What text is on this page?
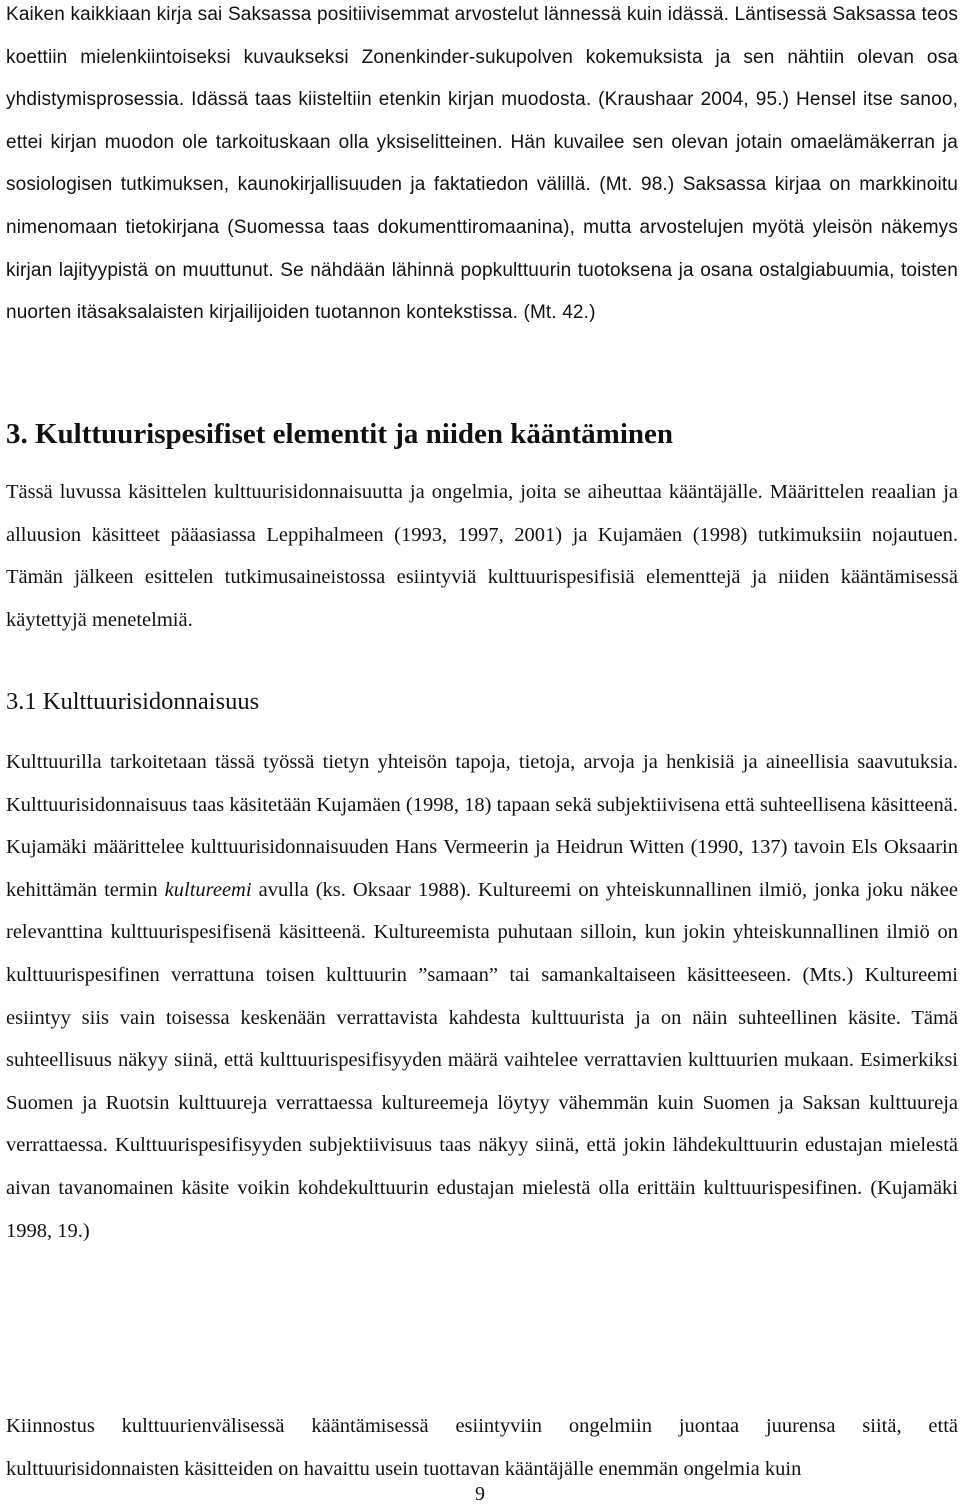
Kaiken kaikkiaan kirja sai Saksassa positiivisemmat arvostelut lännessä kuin idässä. Läntisessä Saksassa teos koettiin mielenkiintoiseksi kuvaukseksi Zonenkinder-sukupolven kokemuksista ja sen nähtiin olevan osa yhdistymisprosessia. Idässä taas kiisteltiin etenkin kirjan muodosta. (Kraushaar 2004, 95.) Hensel itse sanoo, ettei kirjan muodon ole tarkoituskaan olla yksiselitteinen. Hän kuvailee sen olevan jotain omaelämäkerran ja sosiologisen tutkimuksen, kaunokirjallisuuden ja faktatiedon välillä. (Mt. 98.) Saksassa kirjaa on markkinoitu nimenomaan tietokirjana (Suomessa taas dokumenttiromaanina), mutta arvostelujen myötä yleisön näkemys kirjan lajityypistä on muuttunut. Se nähdään lähinnä popkulttuurin tuotoksena ja osana ostalgiabuumia, toisten nuorten itäsaksalaisten kirjailijoiden tuotannon kontekstissa. (Mt. 42.)

3. Kulttuurispesifiset elementit ja niiden kääntäminen

Tässä luvussa käsittelen kulttuurisidonnaisuutta ja ongelmia, joita se aiheuttaa kääntäjälle. Määrittelen reaalian ja alluusion käsitteet pääasiassa Leppihalmeen (1993, 1997, 2001) ja Kujamäen (1998) tutkimuksiin nojautuen. Tämän jälkeen esittelen tutkimusaineistossa esiintyviä kulttuurispesifisiä elementtejä ja niiden kääntämisessä käytettyjä menetelmiä.

3.1 Kulttuurisidonnaisuus

Kulttuurilla tarkoitetaan tässä työssä tietyn yhteisön tapoja, tietoja, arvoja ja henkisiä ja aineellisia saavutuksia. Kulttuurisidonnaisuus taas käsitetään Kujamäen (1998, 18) tapaan sekä subjektiivisena että suhteellisena käsitteenä. Kujamäki määrittelee kulttuurisidonnaisuuden Hans Vermeerin ja Heidrun Witten (1990, 137) tavoin Els Oksaarin kehittämän termin kultureemi avulla (ks. Oksaar 1988). Kultureemi on yhteiskunnallinen ilmiö, jonka joku näkee relevanttina kulttuurispesifisenä käsitteenä. Kultureemista puhutaan silloin, kun jokin yhteiskunnallinen ilmiö on kulttuurispesifinen verrattuna toisen kulttuurin ”samaan” tai samankaltaiseen käsitteeseen. (Mts.) Kultureemi esiintyy siis vain toisessa keskenään verrattavista kahdesta kulttuurista ja on näin suhteellinen käsite. Tämä suhteellisuus näkyy siinä, että kulttuurispesifisyyden määrä vaihtelee verrattavien kulttuurien mukaan. Esimerkiksi Suomen ja Ruotsin kulttuureja verrattaessa kultureemeja löytyy vähemmän kuin Suomen ja Saksan kulttuureja verrattaessa. Kulttuurispesifisyyden subjektiivisuus taas näkyy siinä, että jokin lähdekulttuurin edustajan mielestä aivan tavanomainen käsite voikin kohdekulttuurin edustajan mielestä olla erittäin kulttuurispesifinen. (Kujamäki 1998, 19.)

Kiinnostus kulttuurienvälisessä kääntämisessä esiintyviin ongelmiin juontaa juurensa siitä, että kulttuurisidonnaisten käsitteiden on havaittu usein tuottavan kääntäjälle enemmän ongelmia kuin

9
